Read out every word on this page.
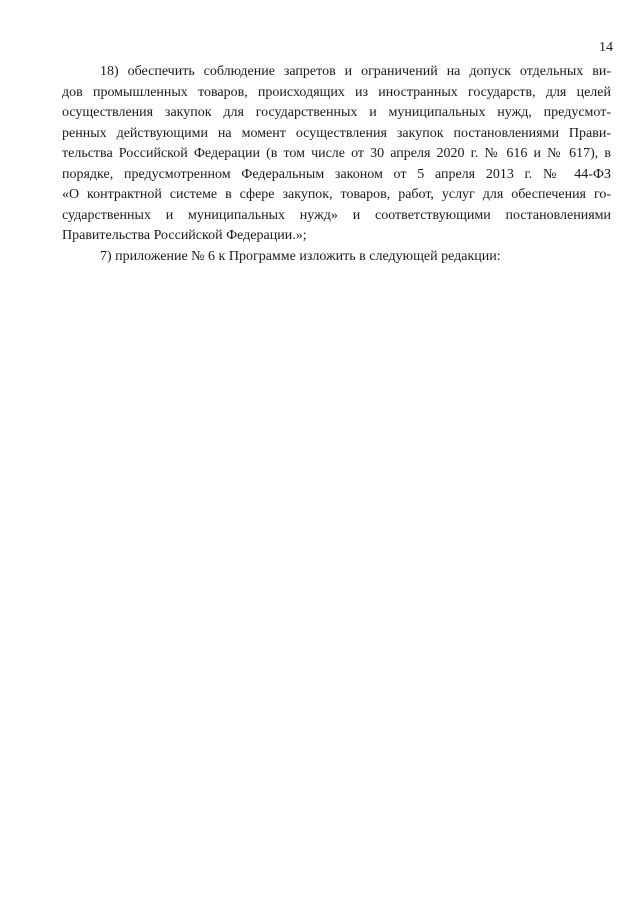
14
18) обеспечить соблюдение запретов и ограничений на допуск отдельных ви-
дов промышленных товаров, происходящих из иностранных государств, для целей
осуществления закупок для государственных и муниципальных нужд, предусмот-
ренных действующими на момент осуществления закупок постановлениями Прави-
тельства Российской Федерации (в том числе от 30 апреля 2020 г. № 616 и № 617), в
порядке, предусмотренном Федеральным законом от 5 апреля 2013 г. № 44-ФЗ
«О контрактной системе в сфере закупок, товаров, работ, услуг для обеспечения го-
сударственных и муниципальных нужд» и соответствующими постановлениями
Правительства Российской Федерации.»;
7) приложение № 6 к Программе изложить в следующей редакции:
